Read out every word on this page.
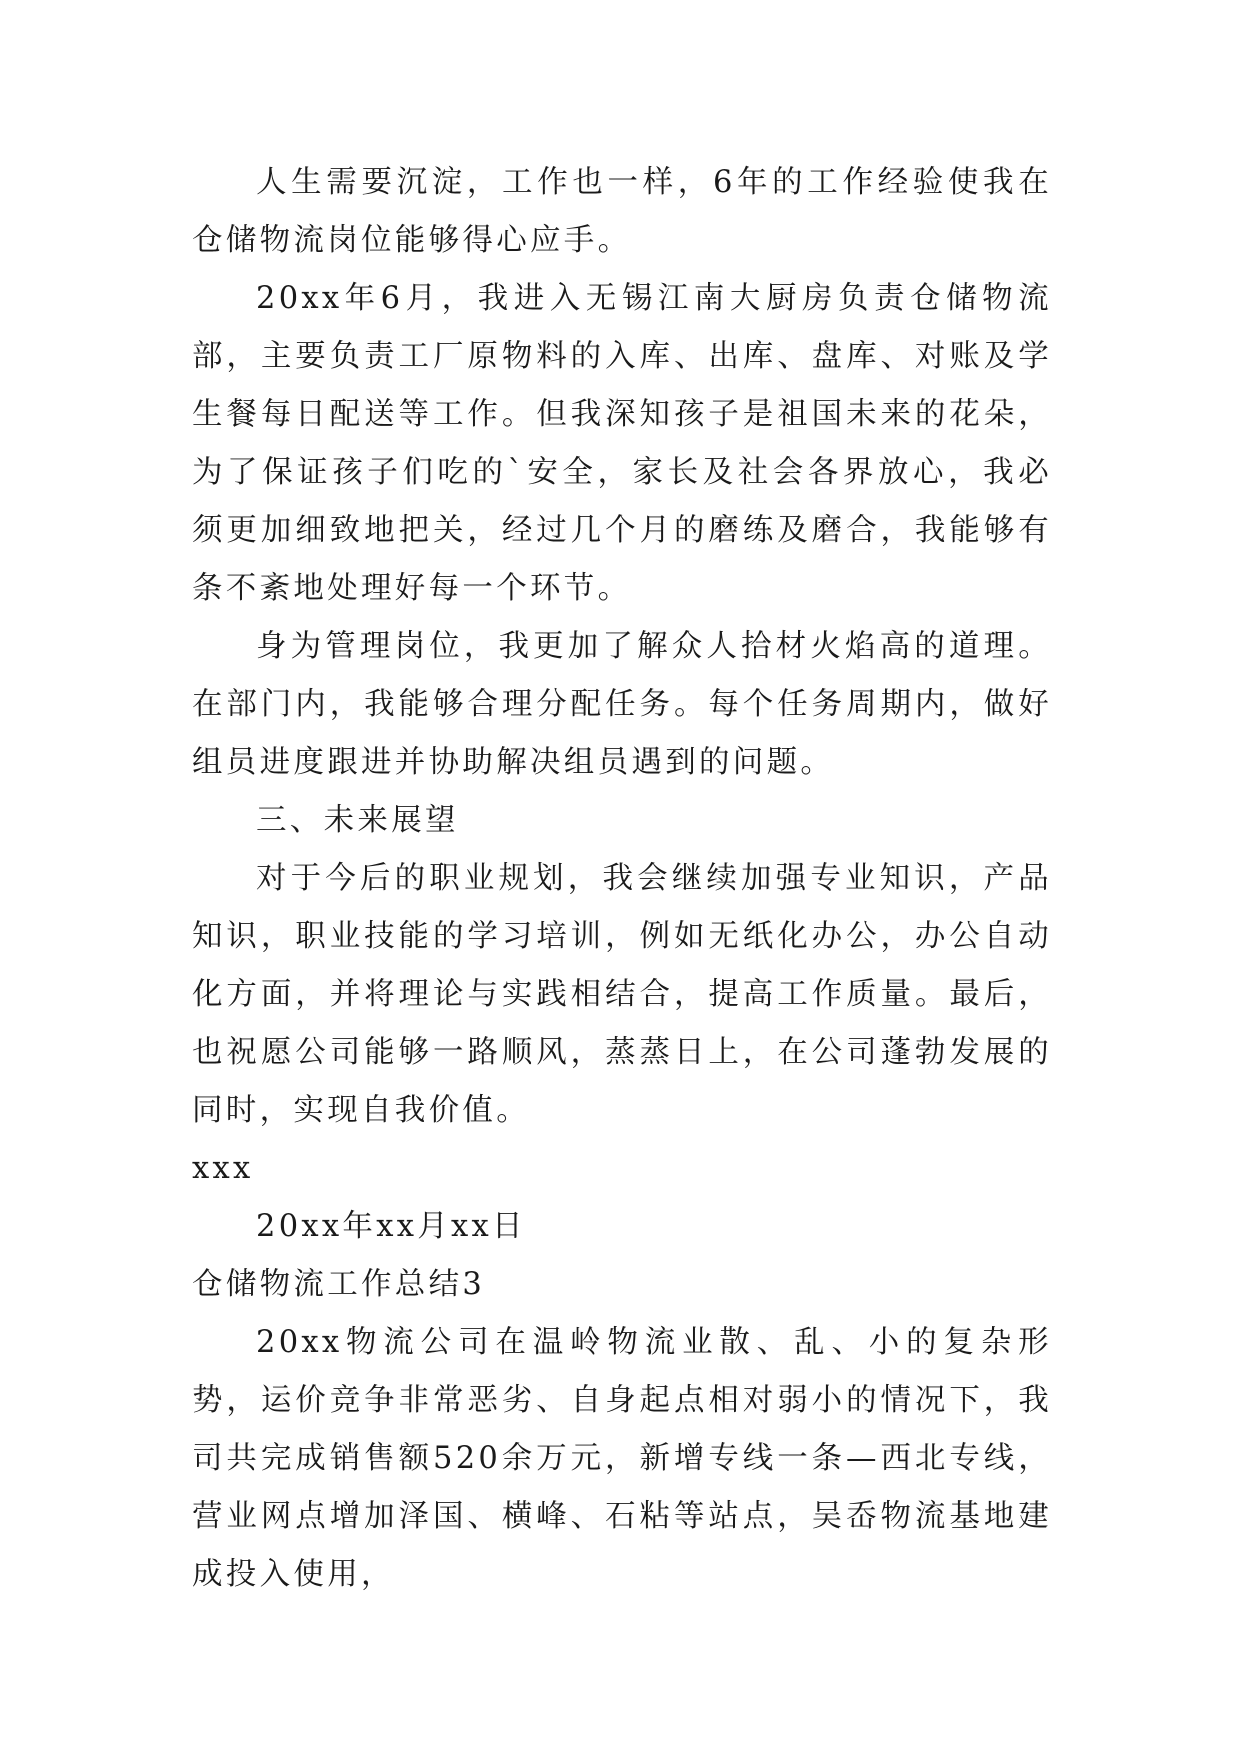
人生需要沉淀，工作也一样，6年的工作经验使我在仓储物流岗位能够得心应手。

20xx年6月，我进入无锡江南大厨房负责仓储物流部，主要负责工厂原物料的入库、出库、盘库、对账及学生餐每日配送等工作。但我深知孩子是祖国未来的花朵，为了保证孩子们吃的`安全，家长及社会各界放心，我必须更加细致地把关，经过几个月的磨练及磨合，我能够有条不紊地处理好每一个环节。

身为管理岗位，我更加了解众人拾材火焰高的道理。在部门内，我能够合理分配任务。每个任务周期内，做好组员进度跟进并协助解决组员遇到的问题。

三、未来展望

对于今后的职业规划，我会继续加强专业知识，产品知识，职业技能的学习培训，例如无纸化办公，办公自动化方面，并将理论与实践相结合，提高工作质量。最后，也祝愿公司能够一路顺风，蒸蒸日上，在公司蓬勃发展的同时，实现自我价值。

xxx

20xx年xx月xx日

仓储物流工作总结3

20xx物流公司在温岭物流业散、乱、小的复杂形势，运价竞争非常恶劣、自身起点相对弱小的情况下，我司共完成销售额520余万元，新增专线一条—西北专线，营业网点增加泽国、横峰、石粘等站点，吴岙物流基地建成投入使用，
